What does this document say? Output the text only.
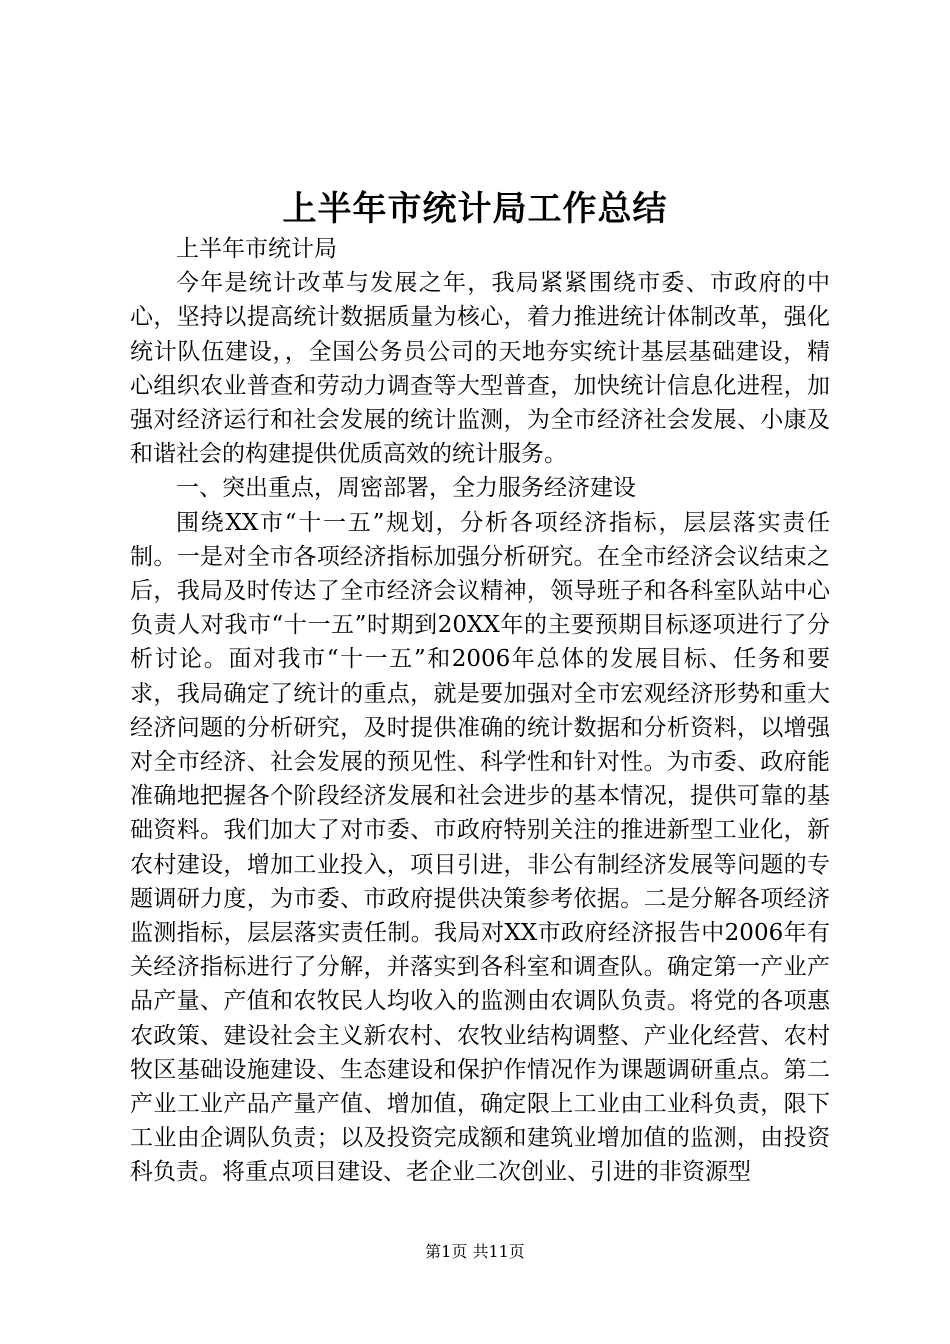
上半年市统计局工作总结

上半年市统计局

今年是统计改革与发展之年，我局紧紧围绕市委、市政府的中心，坚持以提高统计数据质量为核心，着力推进统计体制改革，强化统计队伍建设，，全国公务员公司的天地夯实统计基层基础建设，精心组织农业普查和劳动力调查等大型普查，加快统计信息化进程，加强对经济运行和社会发展的统计监测，为全市经济社会发展、小康及和谐社会的构建提供优质高效的统计服务。

一、突出重点，周密部署，全力服务经济建设

围绕XX市“十一五”规划，分析各项经济指标，层层落实责任制。一是对全市各项经济指标加强分析研究。在全市经济会议结束之后，我局及时传达了全市经济会议精神，领导班子和各科室队站中心负责人对我市“十一五”时期到20XX年的主要预期目标逐项进行了分析讨论。面对我市“十一五”和2006年总体的发展目标、任务和要求，我局确定了统计的重点，就是要加强对全市宏观经济形势和重大经济问题的分析研究，及时提供准确的统计数据和分析资料，以增强对全市经济、社会发展的预见性、科学性和针对性。为市委、政府能准确地把握各个阶段经济发展和社会进步的基本情况，提供可靠的基础资料。我们加大了对市委、市政府特别关注的推进新型工业化，新农村建设，增加工业投入，项目引进，非公有制经济发展等问题的专题调研力度，为市委、市政府提供决策参考依据。二是分解各项经济监测指标，层层落实责任制。我局对XX市政府经济报告中2006年有关经济指标进行了分解，并落实到各科室和调查队。确定第一产业产品产量、产值和农牧民人均收入的监测由农调队负责。将党的各项惠农政策、建设社会主义新农村、农牧业结构调整、产业化经营、农村牧区基础设施建设、生态建设和保护作情况作为课题调研重点。第二产业工业产品产量产值、增加值，确定限上工业由工业科负责，限下工业由企调队负责；以及投资完成额和建筑业增加值的监测，由投资科负责。将重点项目建设、老企业二次创业、引进的非资源型

第1页 共11页
